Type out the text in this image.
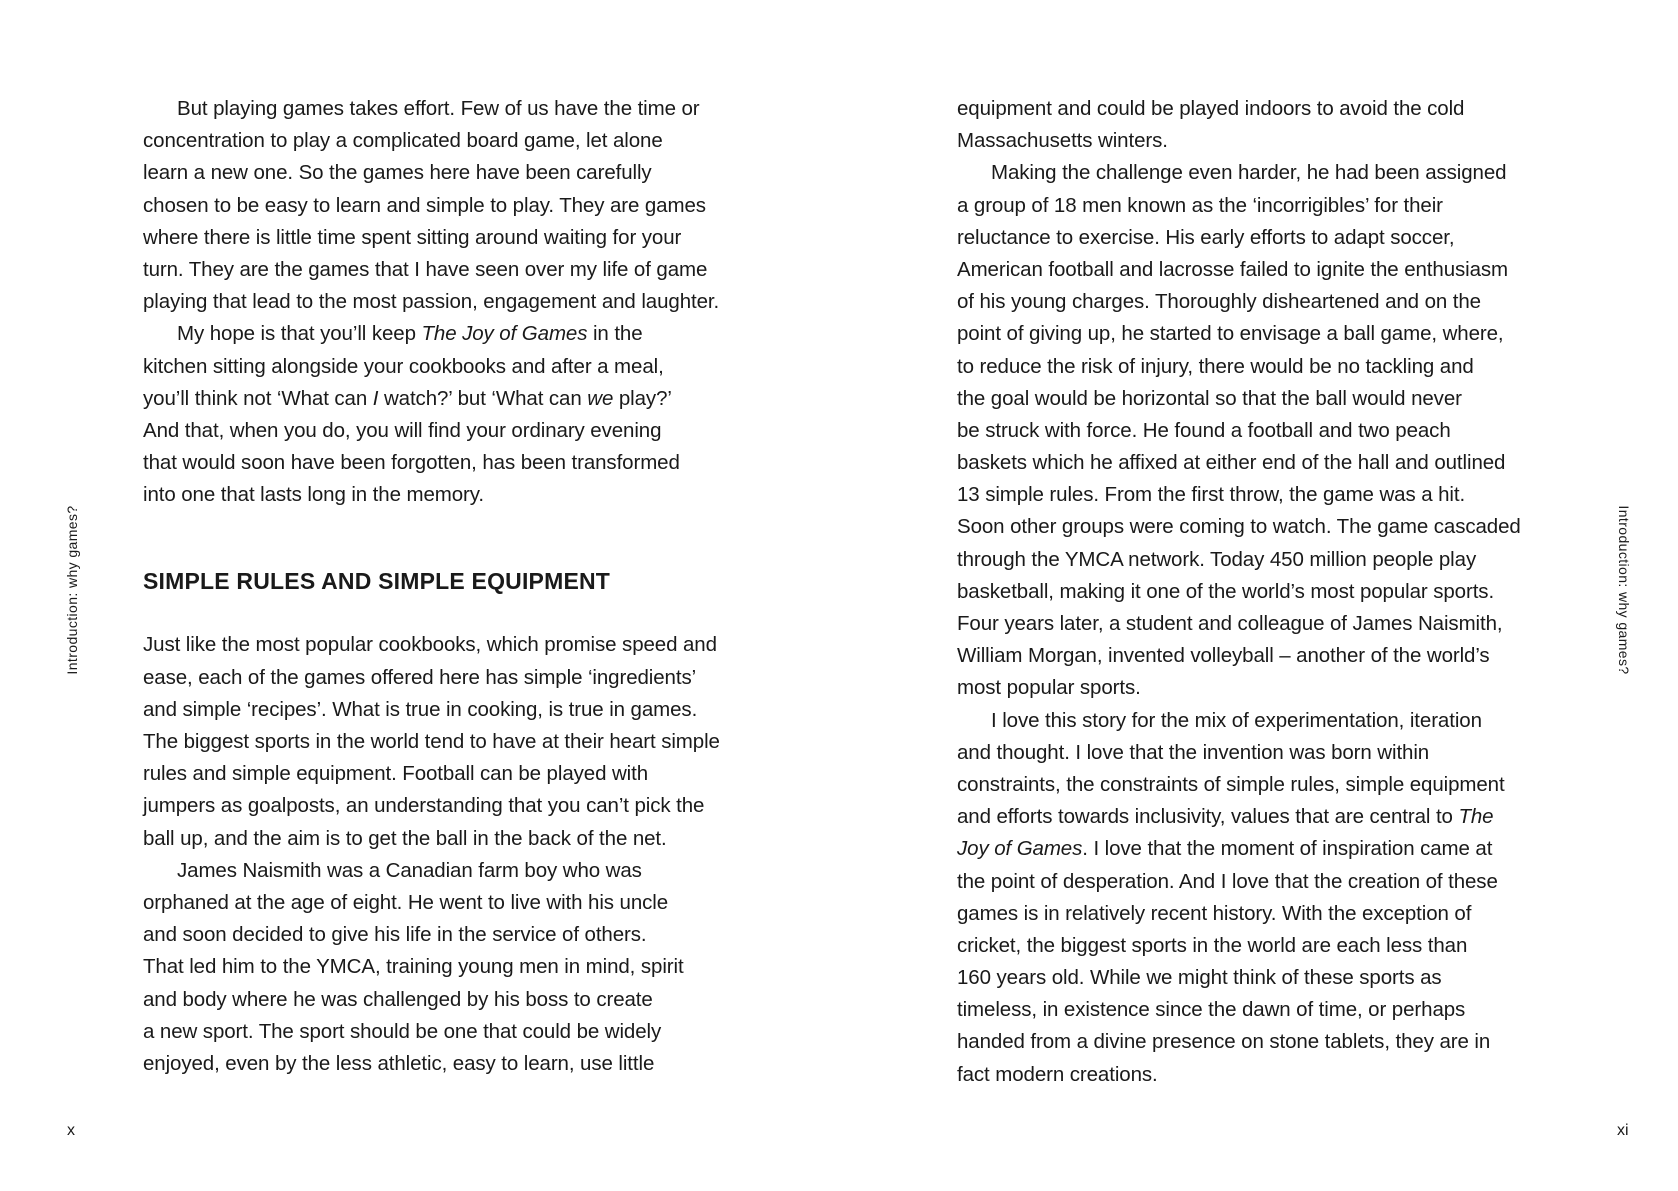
Introduction: why games?
But playing games takes effort. Few of us have the time or
concentration to play a complicated board game, let alone
learn a new one. So the games here have been carefully
chosen to be easy to learn and simple to play. They are games
where there is little time spent sitting around waiting for your
turn. They are the games that I have seen over my life of game
playing that lead to the most passion, engagement and laughter.
My hope is that you’ll keep The Joy of Games in the
kitchen sitting alongside your cookbooks and after a meal,
you’ll think not ‘What can I watch?’ but ‘What can we play?’
And that, when you do, you will find your ordinary evening
that would soon have been forgotten, has been transformed
into one that lasts long in the memory.
SIMPLE RULES AND SIMPLE EQUIPMENT
Just like the most popular cookbooks, which promise speed and
ease, each of the games offered here has simple ‘ingredients’
and simple ‘recipes’. What is true in cooking, is true in games.
The biggest sports in the world tend to have at their heart simple
rules and simple equipment. Football can be played with
jumpers as goalposts, an understanding that you can’t pick the
ball up, and the aim is to get the ball in the back of the net.
James Naismith was a Canadian farm boy who was
orphaned at the age of eight. He went to live with his uncle
and soon decided to give his life in the service of others.
That led him to the YMCA, training young men in mind, spirit
and body where he was challenged by his boss to create
a new sport. The sport should be one that could be widely
enjoyed, even by the less athletic, easy to learn, use little
x
Introduction: why games?
equipment and could be played indoors to avoid the cold
Massachusetts winters.
Making the challenge even harder, he had been assigned
a group of 18 men known as the ‘incorrigibles’ for their
reluctance to exercise. His early efforts to adapt soccer,
American football and lacrosse failed to ignite the enthusiasm
of his young charges. Thoroughly disheartened and on the
point of giving up, he started to envisage a ball game, where,
to reduce the risk of injury, there would be no tackling and
the goal would be horizontal so that the ball would never
be struck with force. He found a football and two peach
baskets which he affixed at either end of the hall and outlined
13 simple rules. From the first throw, the game was a hit.
Soon other groups were coming to watch. The game cascaded
through the YMCA network. Today 450 million people play
basketball, making it one of the world’s most popular sports.
Four years later, a student and colleague of James Naismith,
William Morgan, invented volleyball – another of the world’s
most popular sports.
I love this story for the mix of experimentation, iteration
and thought. I love that the invention was born within
constraints, the constraints of simple rules, simple equipment
and efforts towards inclusivity, values that are central to The
Joy of Games. I love that the moment of inspiration came at
the point of desperation. And I love that the creation of these
games is in relatively recent history. With the exception of
cricket, the biggest sports in the world are each less than
160 years old. While we might think of these sports as
timeless, in existence since the dawn of time, or perhaps
handed from a divine presence on stone tablets, they are in
fact modern creations.
xi
